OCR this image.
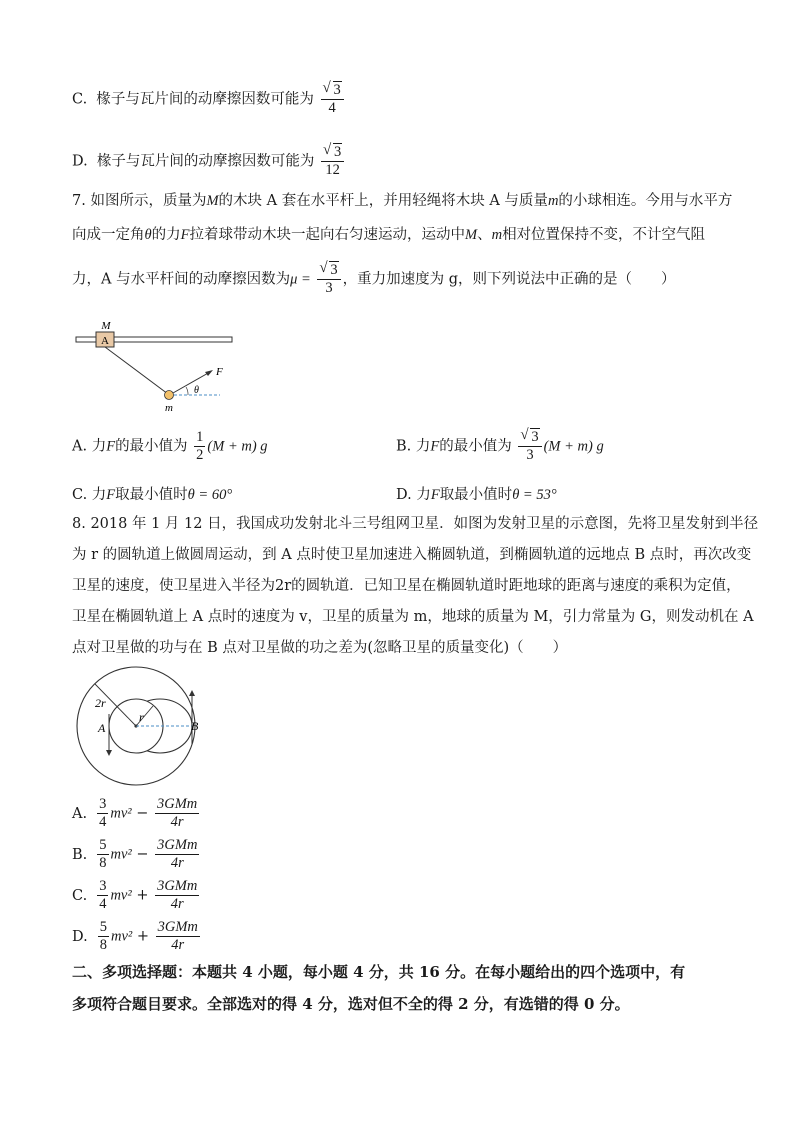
C. 椽子与瓦片间的动摩擦因数可能为 $\frac{√ 3}{4}$
D. 椽子与瓦片间的动摩擦因数可能为 $\frac{√ 3}{12}$
7. 如图所示，质量为M的木块 A 套在水平杆上，并用轻绳将木块 A 与质量m的小球相连。今用与水平方
向成一定角θ的力F拉着球带动木块一起向右匀速运动，运动中M、m相对位置保持不变，不计空气阻
力，A 与水平杆间的动摩擦因数为$\mu = \frac{√ 3}{3}$ ，重力加速度为 g，则下列说法中正确的是（　　）
A
M
F
θ
m
A. 力F的最小值为 $\frac{1}{2} (M + m)$ g	B. 力F的最小值为 $\frac{√ 3}{3} (M + m)$ g
C. 力F取最小值时θ = 60°	D. 力F取最小值时θ = 53°
8. 2018 年 1 月 12 日，我国成功发射北斗三号组网卫星．如图为发射卫星的示意图，先将卫星发射到半径
为 r 的圆轨道上做圆周运动，到 A 点时使卫星加速进入椭圆轨道，到椭圆轨道的远地点 B 点时，再次改变
卫星的速度，使卫星进入半径为2r的圆轨道．已知卫星在椭圆轨道时距地球的距离与速度的乘积为定值，
卫星在椭圆轨道上 A 点时的速度为 v，卫星的质量为 m，地球的质量为 M，引力常量为 G，则发动机在 A
点对卫星做的功与在 B 点对卫星做的功之差为(忽略卫星的质量变化)（　　）
r
2r
A	B
A. $\frac{3}{4} mv^2 - \frac{\text{3GMm}}{4r}$
B. $\frac{5}{8} mv^2 - \frac{\text{3GMm}}{4r}$
C. $\frac{3}{4} mv^2 + \frac{\text{3GMm}}{4r}$
D. $\frac{5}{8} mv^2 + \frac{\text{3GMm}}{4r}$
二、多项选择题：本题共 4 小题，每小题 4 分，共 16 分。在每小题给出的四个选项中，有
多项符合题目要求。全部选对的得 4 分，选对但不全的得 2 分，有选错的得 0 分。
